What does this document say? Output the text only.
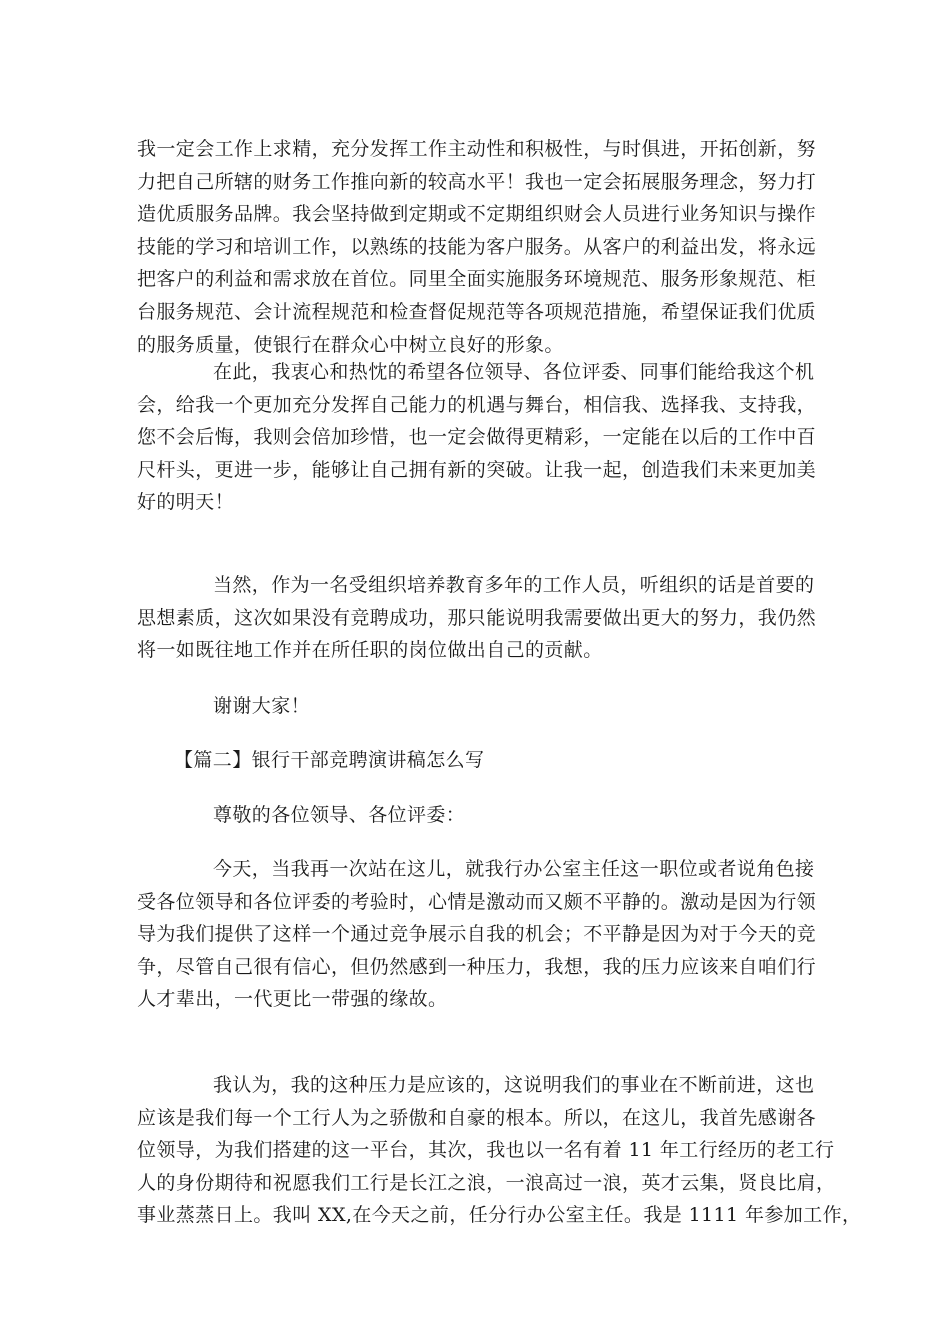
我一定会工作上求精，充分发挥工作主动性和积极性，与时俱进，开拓创新，努
力把自己所辖的财务工作推向新的较高水平！我也一定会拓展服务理念，努力打
造优质服务品牌。我会坚持做到定期或不定期组织财会人员进行业务知识与操作
技能的学习和培训工作，以熟练的技能为客户服务。从客户的利益出发，将永远
把客户的利益和需求放在首位。同里全面实施服务环境规范、服务形象规范、柜
台服务规范、会计流程规范和检查督促规范等各项规范措施，希望保证我们优质
的服务质量，使银行在群众心中树立良好的形象。
在此，我衷心和热忱的希望各位领导、各位评委、同事们能给我这个机
会，给我一个更加充分发挥自己能力的机遇与舞台，相信我、选择我、支持我，
您不会后悔，我则会倍加珍惜，也一定会做得更精彩，一定能在以后的工作中百
尺杆头，更进一步，能够让自己拥有新的突破。让我一起，创造我们未来更加美
好的明天！
当然，作为一名受组织培养教育多年的工作人员，听组织的话是首要的
思想素质，这次如果没有竞聘成功，那只能说明我需要做出更大的努力，我仍然
将一如既往地工作并在所任职的岗位做出自己的贡献。
谢谢大家！
【篇二】银行干部竞聘演讲稿怎么写
尊敬的各位领导、各位评委：
今天，当我再一次站在这儿，就我行办公室主任这一职位或者说角色接
受各位领导和各位评委的考验时，心情是激动而又颇不平静的。激动是因为行领
导为我们提供了这样一个通过竞争展示自我的机会；不平静是因为对于今天的竞
争，尽管自己很有信心，但仍然感到一种压力，我想，我的压力应该来自咱们行
人才辈出，一代更比一带强的缘故。
我认为，我的这种压力是应该的，这说明我们的事业在不断前进，这也
应该是我们每一个工行人为之骄傲和自豪的根本。所以，在这儿，我首先感谢各
位领导，为我们搭建的这一平台，其次，我也以一名有着 11 年工行经历的老工行
人的身份期待和祝愿我们工行是长江之浪，一浪高过一浪，英才云集，贤良比肩，
事业蒸蒸日上。我叫 XX,在今天之前，任分行办公室主任。我是 1111 年参加工作，
